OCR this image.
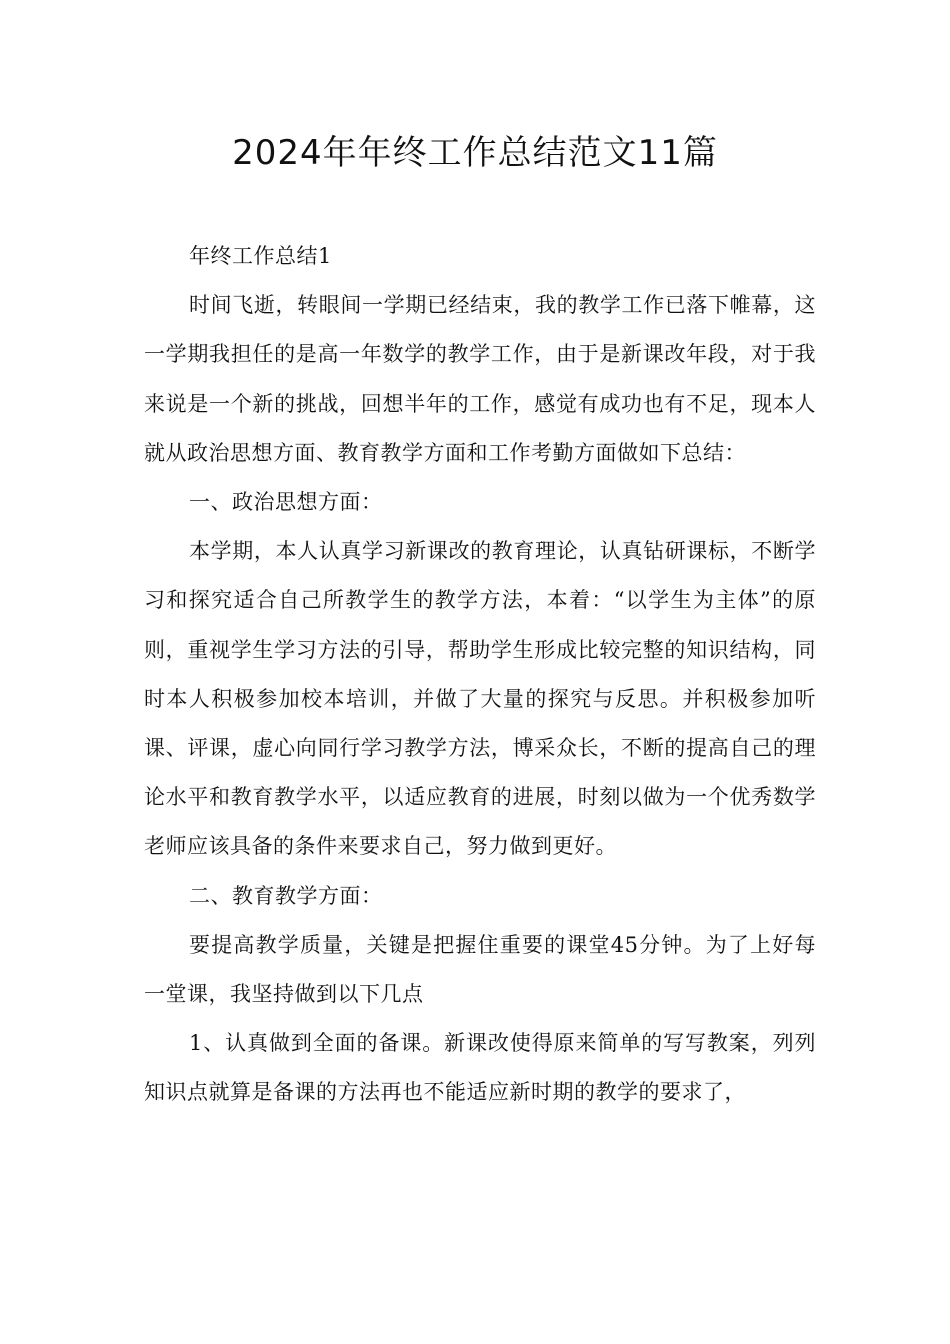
2024年年终工作总结范文11篇

年终工作总结1

时间飞逝，转眼间一学期已经结束，我的教学工作已落下帷幕，这一学期我担任的是高一年数学的教学工作，由于是新课改年段，对于我来说是一个新的挑战，回想半年的工作，感觉有成功也有不足，现本人就从政治思想方面、教育教学方面和工作考勤方面做如下总结：

一、政治思想方面：

本学期，本人认真学习新课改的教育理论，认真钻研课标，不断学习和探究适合自己所教学生的教学方法，本着：“以学生为主体”的原则，重视学生学习方法的引导，帮助学生形成比较完整的知识结构，同时本人积极参加校本培训，并做了大量的探究与反思。并积极参加听课、评课，虚心向同行学习教学方法，博采众长，不断的提高自己的理论水平和教育教学水平，以适应教育的进展，时刻以做为一个优秀数学老师应该具备的条件来要求自己，努力做到更好。

二、教育教学方面：

要提高教学质量，关键是把握住重要的课堂45分钟。为了上好每一堂课，我坚持做到以下几点

1、认真做到全面的备课。新课改使得原来简单的写写教案，列列知识点就算是备课的方法再也不能适应新时期的教学的要求了，
